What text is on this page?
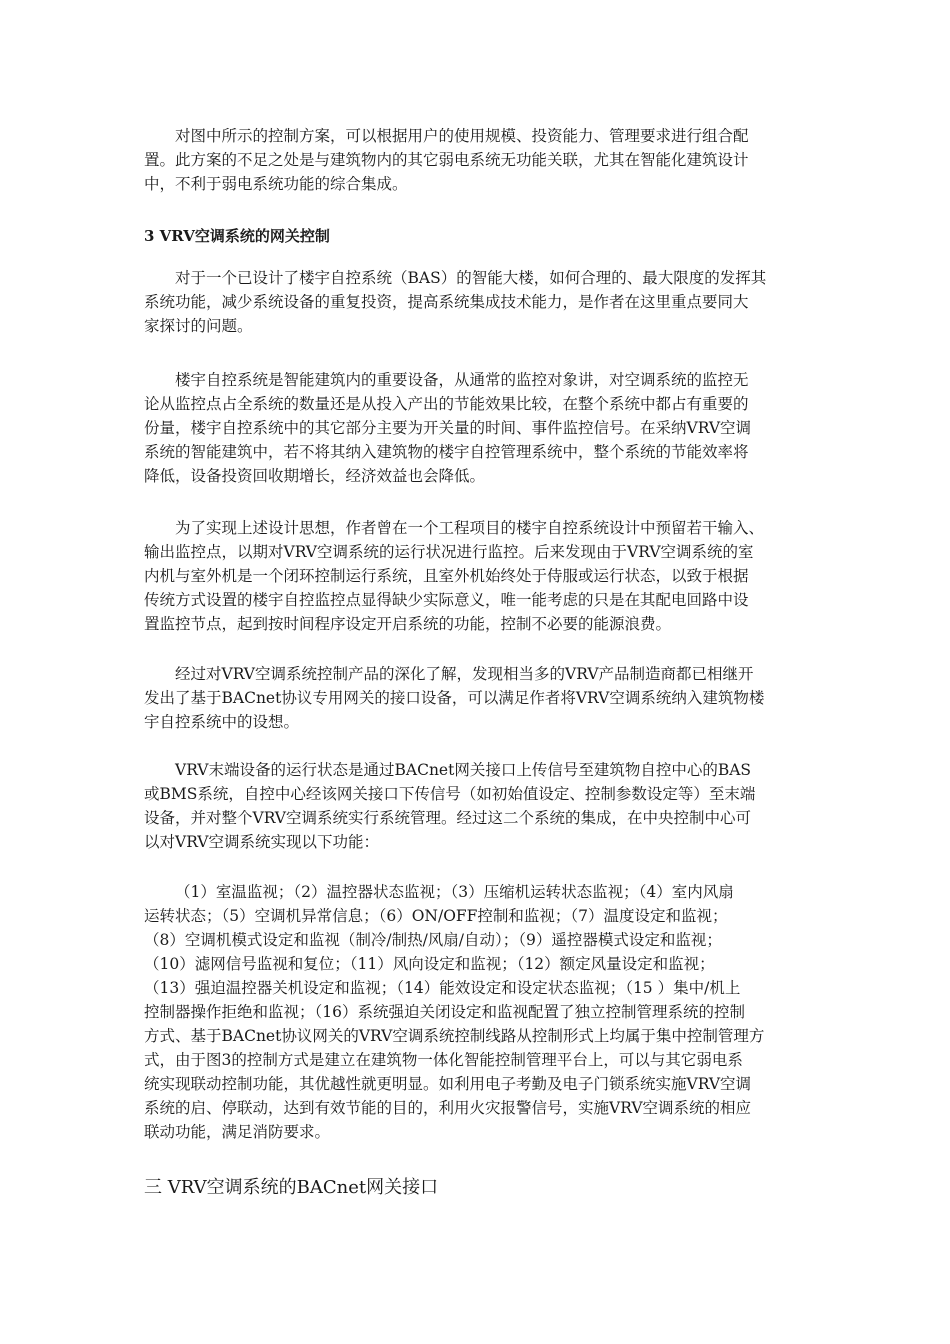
对图中所示的控制方案，可以根据用户的使用规模、投资能力、管理要求进行组合配
置。此方案的不足之处是与建筑物内的其它弱电系统无功能关联，尤其在智能化建筑设计
中，不利于弱电系统功能的综合集成。
3 VRV空调系统的网关控制
对于一个已设计了楼宇自控系统（BAS）的智能大楼，如何合理的、最大限度的发挥其
系统功能，减少系统设备的重复投资，提高系统集成技术能力，是作者在这里重点要同大
家探讨的问题。
楼宇自控系统是智能建筑内的重要设备，从通常的监控对象讲，对空调系统的监控无
论从监控点占全系统的数量还是从投入产出的节能效果比较，在整个系统中都占有重要的
份量，楼宇自控系统中的其它部分主要为开关量的时间、事件监控信号。在采纳VRV空调
系统的智能建筑中，若不将其纳入建筑物的楼宇自控管理系统中，整个系统的节能效率将
降低，设备投资回收期增长，经济效益也会降低。
为了实现上述设计思想，作者曾在一个工程项目的楼宇自控系统设计中预留若干输入、
输出监控点，以期对VRV空调系统的运行状况进行监控。后来发现由于VRV空调系统的室
内机与室外机是一个闭环控制运行系统，且室外机始终处于侍服或运行状态，以致于根据
传统方式设置的楼宇自控监控点显得缺少实际意义，唯一能考虑的只是在其配电回路中设
置监控节点，起到按时间程序设定开启系统的功能，控制不必要的能源浪费。
经过对VRV空调系统控制产品的深化了解，发现相当多的VRV产品制造商都已相继开
发出了基于BACnet协议专用网关的接口设备，可以满足作者将VRV空调系统纳入建筑物楼
宇自控系统中的设想。
VRV末端设备的运行状态是通过BACnet网关接口上传信号至建筑物自控中心的BAS
或BMS系统，自控中心经该网关接口下传信号（如初始值设定、控制参数设定等）至末端
设备，并对整个VRV空调系统实行系统管理。经过这二个系统的集成，在中央控制中心可
以对VRV空调系统实现以下功能：
（1）室温监视；（2）温控器状态监视；（3）压缩机运转状态监视；（4）室内风扇
运转状态；（5）空调机异常信息；（6）ON/OFF控制和监视；（7）温度设定和监视；
（8）空调机模式设定和监视（制冷/制热/风扇/自动）；（9）遥控器模式设定和监视；
（10）滤网信号监视和复位；（11）风向设定和监视；（12）额定风量设定和监视；
（13）强迫温控器关机设定和监视；（14）能效设定和设定状态监视；（15 ）集中/机上
控制器操作拒绝和监视；（16）系统强迫关闭设定和监视配置了独立控制管理系统的控制
方式、基于BACnet协议网关的VRV空调系统控制线路从控制形式上均属于集中控制管理方
式，由于图3的控制方式是建立在建筑物一体化智能控制管理平台上，可以与其它弱电系
统实现联动控制功能，其优越性就更明显。如利用电子考勤及电子门锁系统实施VRV空调
系统的启、停联动，达到有效节能的目的，利用火灾报警信号，实施VRV空调系统的相应
联动功能，满足消防要求。
三 VRV空调系统的BACnet网关接口
